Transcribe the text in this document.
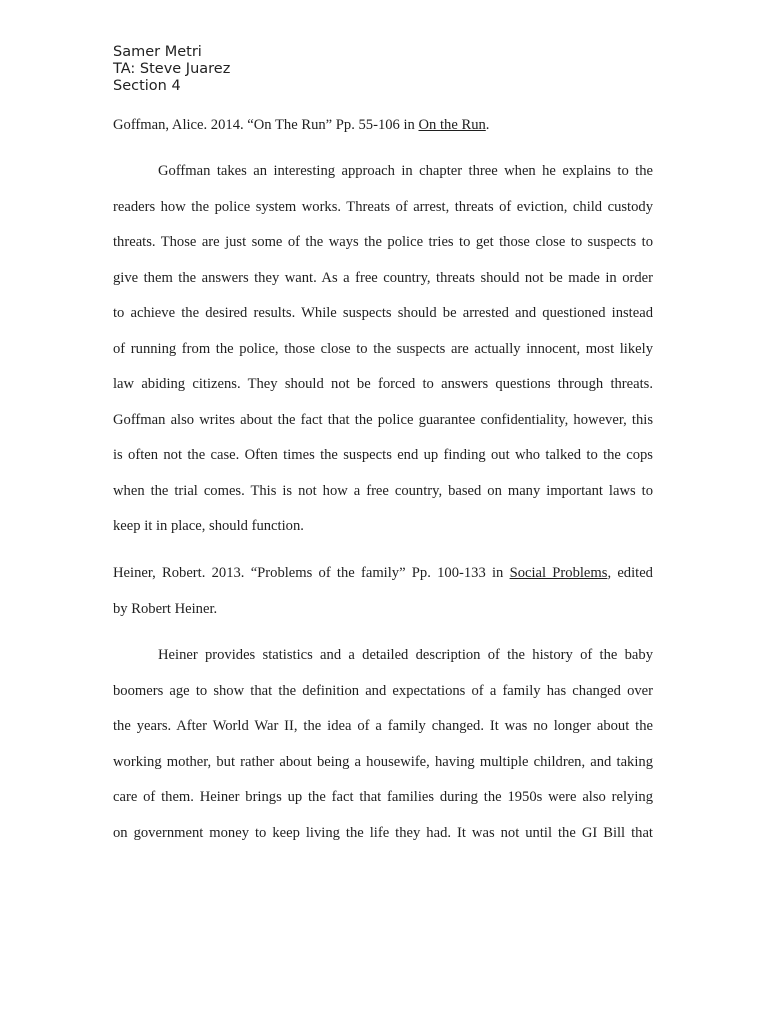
Samer Metri
TA: Steve Juarez
Section 4
Goffman, Alice. 2014. “On The Run” Pp. 55-106 in On the Run.
Goffman takes an interesting approach in chapter three when he explains to the
readers how the police system works. Threats of arrest, threats of eviction, child custody
threats. Those are just some of the ways the police tries to get those close to suspects to
give them the answers they want. As a free country, threats should not be made in order
to achieve the desired results. While suspects should be arrested and questioned instead
of running from the police, those close to the suspects are actually innocent, most likely
law abiding citizens. They should not be forced to answers questions through threats.
Goffman also writes about the fact that the police guarantee confidentiality, however, this
is often not the case. Often times the suspects end up finding out who talked to the cops
when the trial comes. This is not how a free country, based on many important laws to
keep it in place, should function.
Heiner, Robert. 2013. “Problems of the family” Pp. 100-133 in Social Problems, edited
by Robert Heiner.
Heiner provides statistics and a detailed description of the history of the baby
boomers age to show that the definition and expectations of a family has changed over
the years. After World War II, the idea of a family changed. It was no longer about the
working mother, but rather about being a housewife, having multiple children, and taking
care of them. Heiner brings up the fact that families during the 1950s were also relying
on government money to keep living the life they had. It was not until the GI Bill that
